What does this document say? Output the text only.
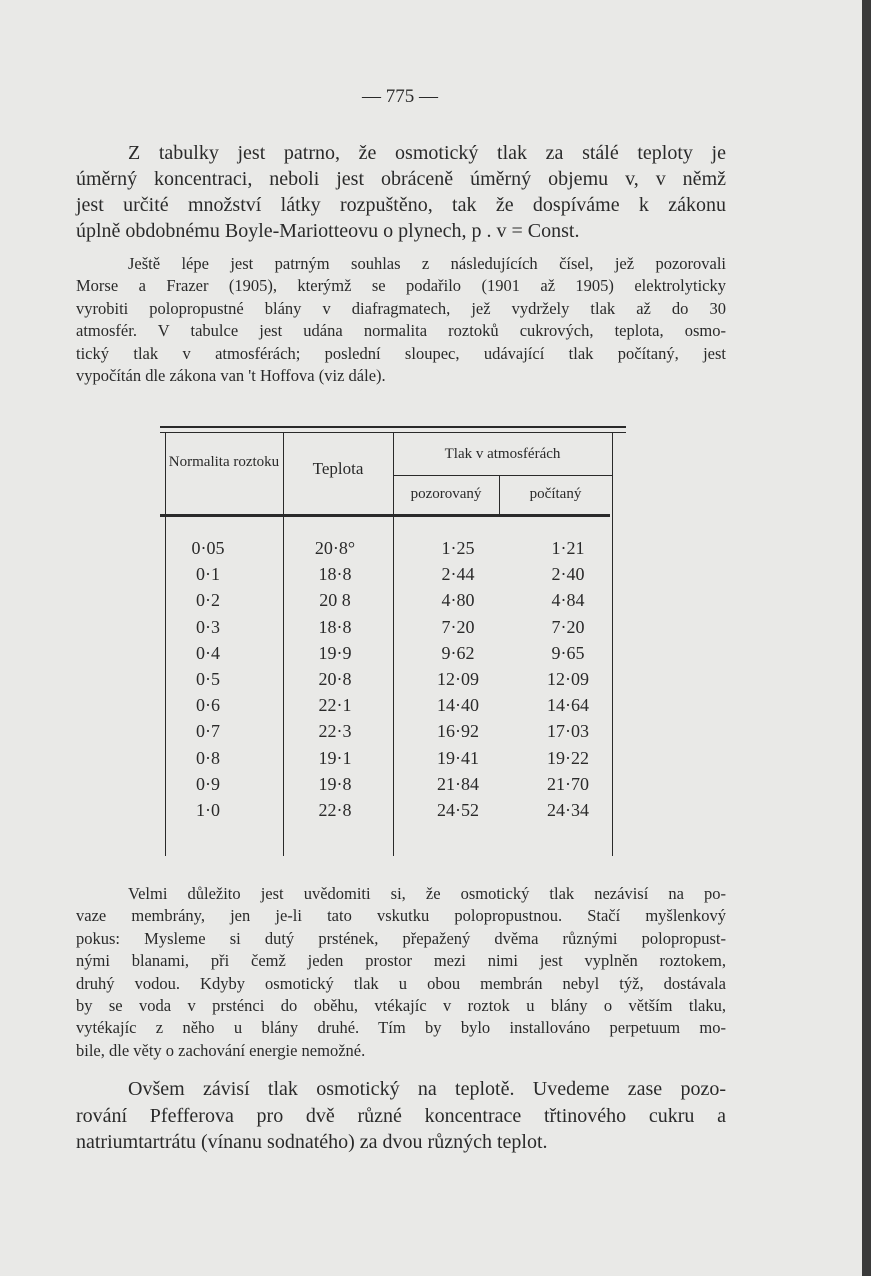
— 775 —
Z tabulky jest patrno, že osmotický tlak za stálé teploty je
úměrný koncentraci, neboli jest obráceně úměrný objemu v, v němž
jest určité množství látky rozpuštěno, tak že dospíváme k zákonu
úplně obdobnému Boyle-Mariotteovu o plynech, p . v = Const.
Ještě lépe jest patrným souhlas z následujících čísel, jež pozorovali
Morse a Frazer (1905), kterýmž se podařilo (1901 až 1905) elektrolyticky
vyrobiti polopropustné blány v diafragmatech, jež vydržely tlak až do 30
atmosfér. V tabulce jest udána normalita roztoků cukrových, teplota, osmo-
tický tlak v atmosférách; poslední sloupec, udávající tlak počítaný, jest
vypočítán dle zákona van 't Hoffova (viz dále).
Normalita roztoku	Teplota
Tlak v atmosférách
pozorovaný	počítaný
0·05	20·8°	1·25	1·21
0·1	18·8	2·44	2·40
0·2	20 8	4·80	4·84
0·3	18·8	7·20	7·20
0·4	19·9	9·62	9·65
0·5	20·8	12·09	12·09
0·6	22·1	14·40	14·64
0·7	22·3	16·92	17·03
0·8	19·1	19·41	19·22
0·9	19·8	21·84	21·70
1·0	22·8	24·52	24·34
Velmi důležito jest uvědomiti si, že osmotický tlak nezávisí na po-
vaze membrány, jen je-li tato vskutku polopropustnou. Stačí myšlenkový
pokus: Mysleme si dutý prstének, přepažený dvěma různými polopropust-
nými blanami, při čemž jeden prostor mezi nimi jest vyplněn roztokem,
druhý vodou. Kdyby osmotický tlak u obou membrán nebyl týž, dostávala
by se voda v prsténci do oběhu, vtékajíc v roztok u blány o větším tlaku,
vytékajíc z něho u blány druhé. Tím by bylo installováno perpetuum mo-
bile, dle věty o zachování energie nemožné.
Ovšem závisí tlak osmotický na teplotě. Uvedeme zase pozo-
rování Pfefferova pro dvě různé koncentrace třtinového cukru a
natriumtartrátu (vínanu sodnatého) za dvou různých teplot.
